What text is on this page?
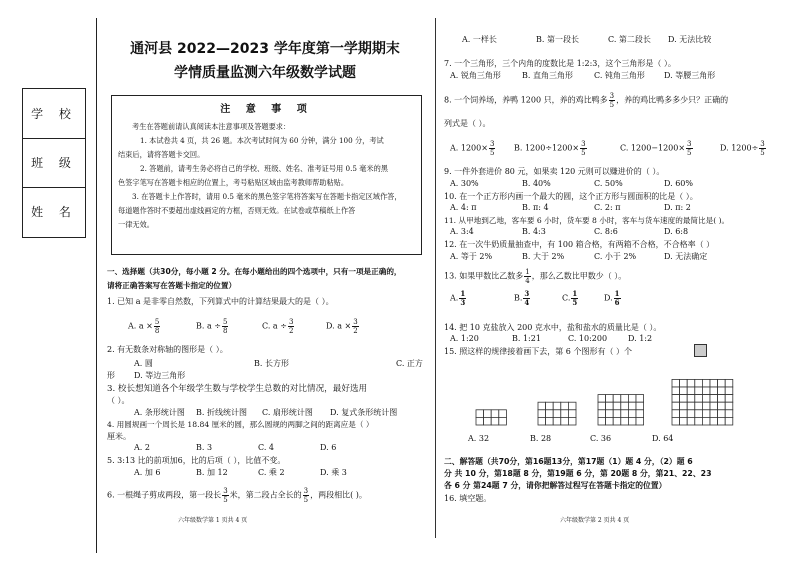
学 校
班 级
姓 名
通河县 2022—2023 学年度第一学期期末
学情质量监测六年级数学试题
注 意 事 项
考生在答题前请认真阅读本注意事项及答题要求：
1. 本试卷共 4 页，共 26 题。本次考试时间为 60 分钟，满分 100 分，考试
结束后，请将答题卡交回。
2. 答题前，请考生务必将自己的学校、班级、姓名、准考证号用 0.5 毫米的黑
色签字笔写在答题卡相应的位置上，考号粘贴区域由监考教师帮助粘贴。
3. 在答题卡上作答时，请用 0.5 毫米的黑色签字笔将答案写在答题卡指定区域作答，
每道题作答时不要超出虚线画定的方框，否则无效。在试卷或草稿纸上作答
一律无效。
一、选择题（共30分，每小题 2 分。在每小题给出的四个选项中，只有一项是正确的，
请将正确答案写在答题卡指定的位置）
1. 已知 a 是非零自然数，下列算式中的计算结果最大的是（ ）。
A. $a \times \frac{5}{8}$	B. $a \div \frac{5}{8}$	C. $a \div \frac{3}{2}$	D. $a \times \frac{3}{2}$
2. 有无数条对称轴的图形是（ ）。
A. 圆	B. 长方形	C. 正方
形 D. 等边三角形
3. 校长想知道各个年级学生数与学校学生总数的对比情况，最好选用
（ ）。
A. 条形统计图 B. 折线统计图 C. 扇形统计图 D. 复式条形统计图
4. 用圆规画一个周长是 18.84 厘米的圆，那么圆规的两脚之间的距离应是（ ）
厘米。
A. 2	B. 3	C. 4	D. 6
5. 3:13 比的前项加6，比的后项（ ），比值不变。
A. 加 6	B. 加 12	C. 乘 2	D. 乘 3
6. 一根绳子剪成两段，第一段长 $\frac{3}{5}$ 米，第二段占全长的 $\frac{3}{5}$ ，两段相比( )。
六年级数学第 1 页共 4 页
A. 一样长	B. 第一段长	C. 第二段长 D. 无法比较
7. 一个三角形，三个内角的度数比是 1:2:3，这个三角形是（ ）。
A. 锐角三角形	B. 直角三角形	C. 钝角三角形 D. 等腰三角形
8. 一个饲养场，养鸭 1200 只，养的鸡比鸭多 $\frac{3}{5}$ ，养的鸡比鸭多多少只？正确的
列式是（ ）。
A. $1200\times \frac{3}{5} B$. $1200\div 1200\times \frac{3}{5}$	C. $1200-1200\times \frac{3}{5}$	D. $1200\div \frac{3}{5}$
9. 一件外套进价 80 元，如果卖 120 元则可以赚进价的（ ）。
A. 30%	B. 40%	C. 50%	D. 60%
10. 在一个正方形内画一个最大的圆，这个正方形与圆面积的比是（ ）。
A. 4: π	B. π: 4	C. 2: π	D. π: 2
11. 从甲地到乙地，客车要 6 小时，货车要 8 小时，客车与货车速度的最简比是( )。
A. 3:4	B. 4:3	C. 8:6	D. 6:8
12. 在一次牛奶质量抽查中，有 100 箱合格，有两箱不合格，不合格率（ ）
A. 等于 2%	B. 大于 2%	C. 小于 2%	D. 无法确定
13. 如果甲数比乙数多 $\frac{1}{4}$ ，那么乙数比甲数少（ ）。
A. $\frac{1}{3}$	B. $\frac{3}{4}$	C. $\frac{1}{5}$	D. $\frac{1}{6}$
14. 把 10 克盐放入 200 克水中，盐和盐水的质量比是（ ）。
A. 1:20	B. 1:21	C. 10:200	D. 1:2
15. 照这样的规律接着画下去，第 6 个图形有（ ）个
A. 32	B. 28	C. 36	D. 64
二、解答题（共70分，第16题13分，第17题（1）题 4 分，（2）题 6
分 共 10 分，第18题 8 分，第19题 6 分，第 20题 8 分，第21、22、23
各 6 分 第24题 7 分，请你把解答过程写在答题卡指定的位置）
16. 填空题。
六年级数学第 2 页共 4 页
